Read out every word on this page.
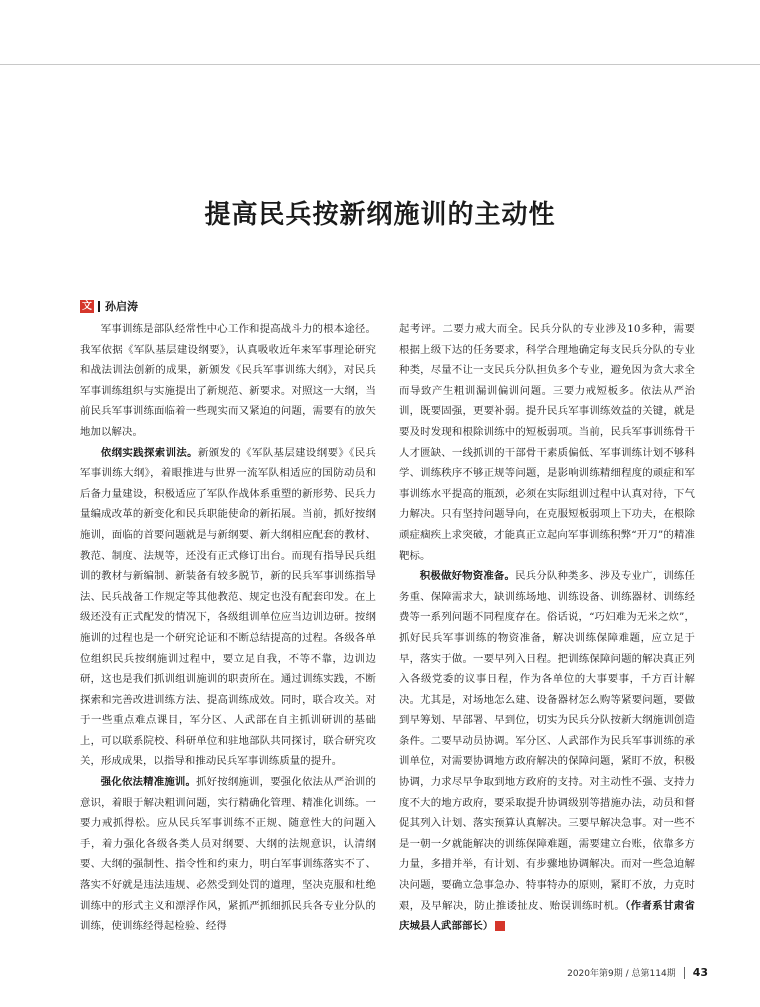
提高民兵按新纲施训的主动性
文 孙启涛

军事训练是部队经常性中心工作和提高战斗力的根本途径。我军依据《军队基层建设纲要》，认真吸收近年来军事理论研究和战法训法创新的成果，新颁发《民兵军事训练大纲》，对民兵军事训练组织与实施提出了新规范、新要求。对照这一大纲，当前民兵军事训练面临着一些现实而又紧迫的问题，需要有的放矢地加以解决。

依纲实践探索训法。新颁发的《军队基层建设纲要》《民兵军事训练大纲》，着眼推进与世界一流军队相适应的国防动员和后备力量建设，积极适应了军队作战体系重塑的新形势、民兵力量编成改革的新变化和民兵职能使命的新拓展。当前，抓好按纲施训，面临的首要问题就是与新纲要、新大纲相应配套的教材、教范、制度、法规等，还没有正式修订出台。而现有指导民兵组训的教材与新编制、新装备有较多脱节，新的民兵军事训练指导法、民兵战备工作规定等其他教范、规定也没有配套印发。在上级还没有正式配发的情况下，各级组训单位应当边训边研。按纲施训的过程也是一个研究论证和不断总结提高的过程。各级各单位组织民兵按纲施训过程中，要立足自我，不等不靠，边训边研，这也是我们抓训组训施训的职责所在。通过训练实践，不断探索和完善改进训练方法、提高训练成效。同时，联合攻关。对于一些重点难点课目，军分区、人武部在自主抓训研训的基础上，可以联系院校、科研单位和驻地部队共同探讨，联合研究攻关，形成成果，以指导和推动民兵军事训练质量的提升。

强化依法精准施训。抓好按纲施训，要强化依法从严治训的意识，着眼于解决粗训问题，实行精确化管理、精准化训练。一要力戒抓得松。应从民兵军事训练不正规、随意性大的问题入手，着力强化各级各类人员对纲要、大纲的法规意识，认清纲要、大纲的强制性、指令性和约束力，明白军事训练落实不了、落实不好就是违法违规、必然受到处罚的道理，坚决克服和杜绝训练中的形式主义和漂浮作风，紧抓严抓细抓民兵各专业分队的训练，使训练经得起检验、经得

起考评。二要力戒大而全。民兵分队的专业涉及10多种，需要根据上级下达的任务要求，科学合理地确定每支民兵分队的专业种类，尽量不让一支民兵分队担负多个专业，避免因为贪大求全而导致产生粗训漏训偏训问题。三要力戒短板多。依法从严治训，既要固强，更要补弱。提升民兵军事训练效益的关键，就是要及时发现和根除训练中的短板弱项。当前，民兵军事训练骨干人才匮缺、一线抓训的干部骨干素质偏低、军事训练计划不够科学、训练秩序不够正规等问题，是影响训练精细程度的顽症和军事训练水平提高的瓶颈，必须在实际组训过程中认真对待，下气力解决。只有坚持问题导向，在克服短板弱项上下功夫，在根除顽症痼疾上求突破，才能真正立起向军事训练积弊“开刀”的精准靶标。

积极做好物资准备。民兵分队种类多、涉及专业广，训练任务重、保障需求大，缺训练场地、训练设备、训练器材、训练经费等一系列问题不同程度存在。俗话说，“巧妇难为无米之炊”，抓好民兵军事训练的物资准备，解决训练保障难题，应立足于早，落实于做。一要早列入日程。把训练保障问题的解决真正列入各级党委的议事日程，作为各单位的大事要事，千方百计解决。尤其是，对场地怎么建、设备器材怎么购等紧要问题，要做到早筹划、早部署、早到位，切实为民兵分队按新大纲施训创造条件。二要早动员协调。军分区、人武部作为民兵军事训练的承训单位，对需要协调地方政府解决的保障问题，紧盯不放，积极协调，力求尽早争取到地方政府的支持。对主动性不强、支持力度不大的地方政府，要采取提升协调级别等措施办法，动员和督促其列入计划、落实预算认真解决。三要早解决急事。对一些不是一朝一夕就能解决的训练保障难题，需要建立台账，依靠多方力量，多措并举，有计划、有步骤地协调解决。而对一些急迫解决问题，要确立急事急办、特事特办的原则，紧盯不放，力克时艰，及早解决，防止推诿扯皮、贻误训练时机。（作者系甘肃省庆城县人武部部长）	G

2020年第9期 / 总第114期 43
